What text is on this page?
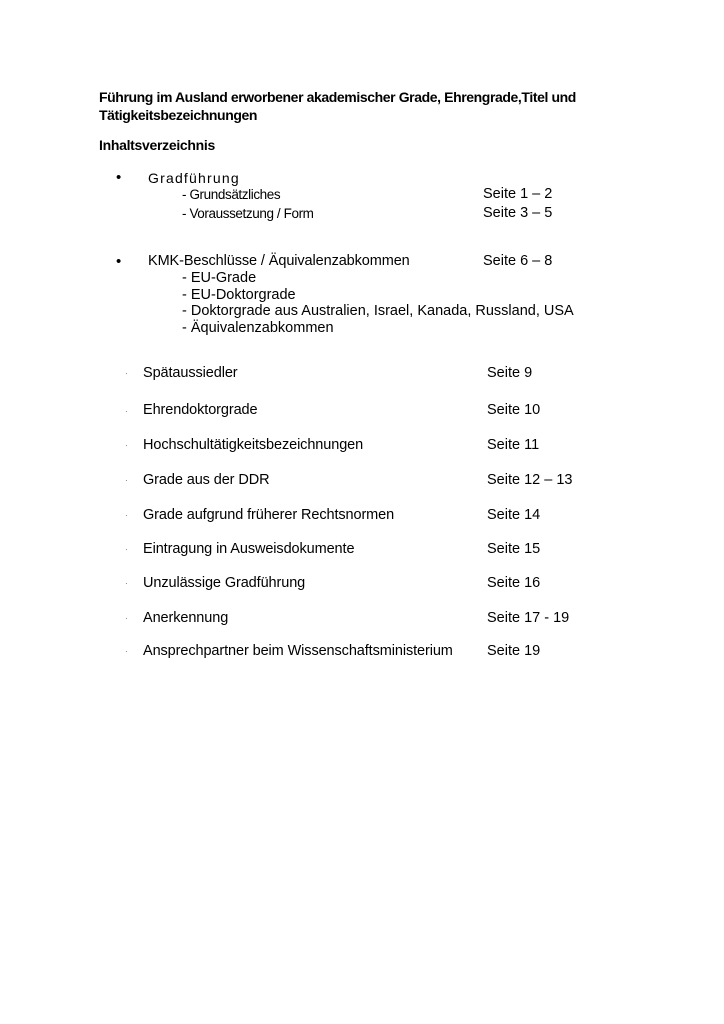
Führung im Ausland erworbener akademischer Grade, Ehrengrade,Titel und Tätigkeitsbezeichnungen
Inhaltsverzeichnis
• Gradführung
- Grundsätzliches	Seite 1 – 2
- Voraussetzung / Form	Seite 3 – 5
• KMK-Beschlüsse / Äquivalenzabkommen	Seite 6 – 8
- EU-Grade
- EU-Doktorgrade
- Doktorgrade aus Australien, Israel, Kanada, Russland, USA
- Äquivalenzabkommen
· Spätaussiedler	Seite 9
· Ehrendoktorgrade	Seite 10
· Hochschultätigkeitsbezeichnungen	Seite 11
· Grade aus der DDR	Seite 12 – 13
· Grade aufgrund früherer Rechtsnormen	Seite 14
· Eintragung in Ausweisdokumente	Seite 15
· Unzulässige Gradführung	Seite 16
· Anerkennung	Seite 17 - 19
· Ansprechpartner beim Wissenschaftsministerium Seite 19
